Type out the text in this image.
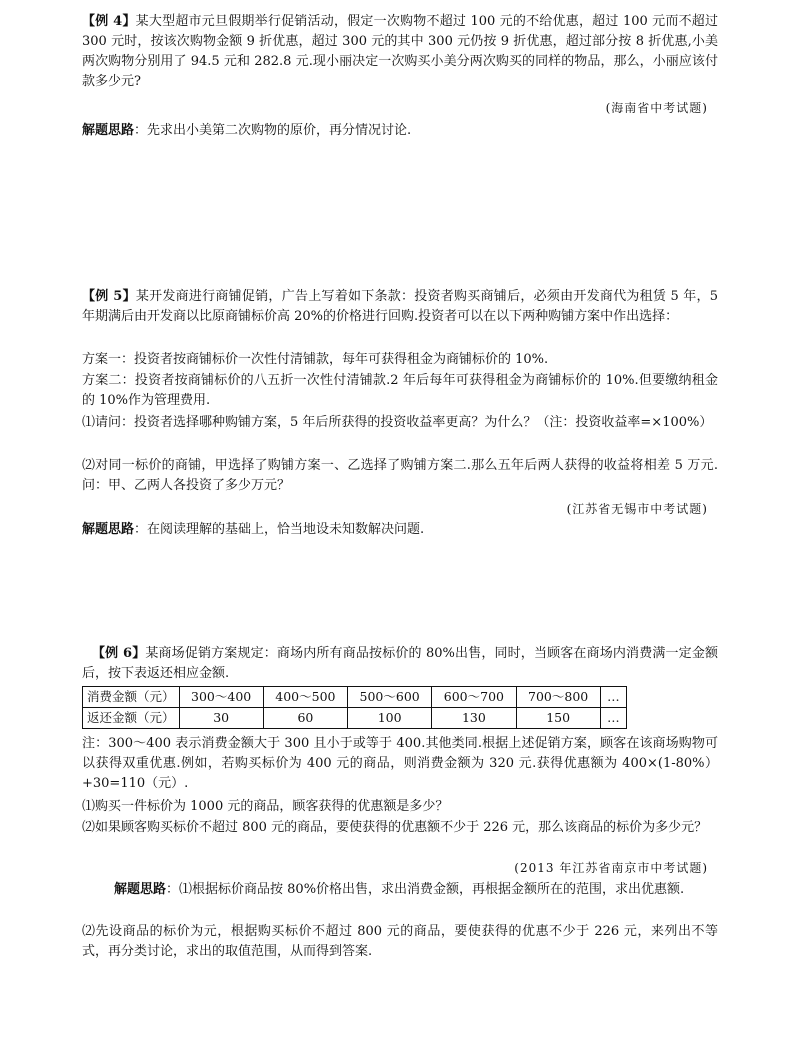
【例 4】某大型超市元旦假期举行促销活动，假定一次购物不超过 100 元的不给优惠，超过 100 元而不超过 300 元时，按该次购物金额 9 折优惠，超过 300 元的其中 300 元仍按 9 折优惠，超过部分按 8 折优惠,小美两次购物分别用了 94.5 元和 282.8 元.现小丽决定一次购买小美分两次购买的同样的物品，那么，小丽应该付款多少元?

(海南省中考试题)

解题思路：先求出小美第二次购物的原价，再分情况讨论.

【例 5】某开发商进行商铺促销，广告上写着如下条款：投资者购买商铺后，必须由开发商代为租赁 5 年，5 年期满后由开发商以比原商铺标价高 20%的价格进行回购.投资者可以在以下两种购铺方案中作出选择：

方案一：投资者按商铺标价一次性付清铺款，每年可获得租金为商铺标价的 10%.

方案二：投资者按商铺标价的八五折一次性付清铺款.2 年后每年可获得租金为商铺标价的 10%.但要缴纳租金的 10%作为管理费用.

⑴请问：投资者选择哪种购铺方案，5 年后所获得的投资收益率更高？为什么？（注：投资收益率=×100%）

⑵对同一标价的商铺，甲选择了购铺方案一、乙选择了购铺方案二.那么五年后两人获得的收益将相差 5 万元.问：甲、乙两人各投资了多少万元？

(江苏省无锡市中考试题)

解题思路：在阅读理解的基础上，恰当地设未知数解决问题.

【例 6】某商场促销方案规定：商场内所有商品按标价的 80%出售，同时，当顾客在商场内消费满一定金额后，按下表返还相应金额.

消费金额（元）	300～400	400～500	500～600	600～700	700～800	…
返还金额（元）	30	60	100	130	150	…

注：300～400 表示消费金额大于 300 且小于或等于 400.其他类同.根据上述促销方案，顾客在该商场购物可以获得双重优惠.例如，若购买标价为 400 元的商品，则消费金额为 320 元.获得优惠额为 400×(1-80%）+30=110（元）.

⑴购买一件标价为 1000 元的商品，顾客获得的优惠额是多少？

⑵如果顾客购买标价不超过 800 元的商品，要使获得的优惠额不少于 226 元，那么该商品的标价为多少元？

(2013 年江苏省南京市中考试题)

解题思路：⑴根据标价商品按 80%价格出售，求出消费金额，再根据金额所在的范围，求出优惠额.

⑵先设商品的标价为元，根据购买标价不超过 800 元的商品，要使获得的优惠不少于 226 元，来列出不等式，再分类讨论，求出的取值范围，从而得到答案.
